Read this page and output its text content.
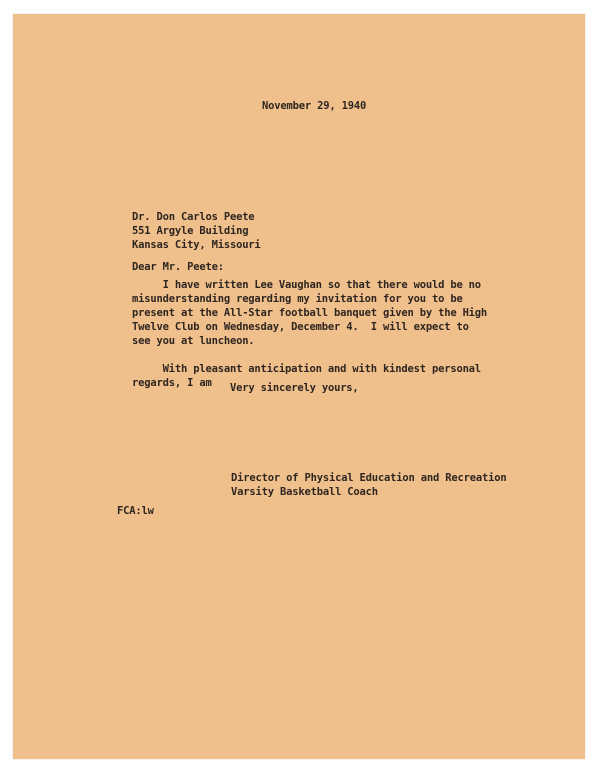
November 29, 1940
Dr. Don Carlos Peete
551 Argyle Building
Kansas City, Missouri
Dear Mr. Peete:
I have written Lee Vaughan so that there would be no
misunderstanding regarding my invitation for you to be
present at the All-Star football banquet given by the High
Twelve Club on Wednesday, December 4.  I will expect to
see you at luncheon.

With pleasant anticipation and with kindest personal
regards, I am	Very sincerely yours,
Director of Physical Education and Recreation
Varsity Basketball Coach
FCA:lw
